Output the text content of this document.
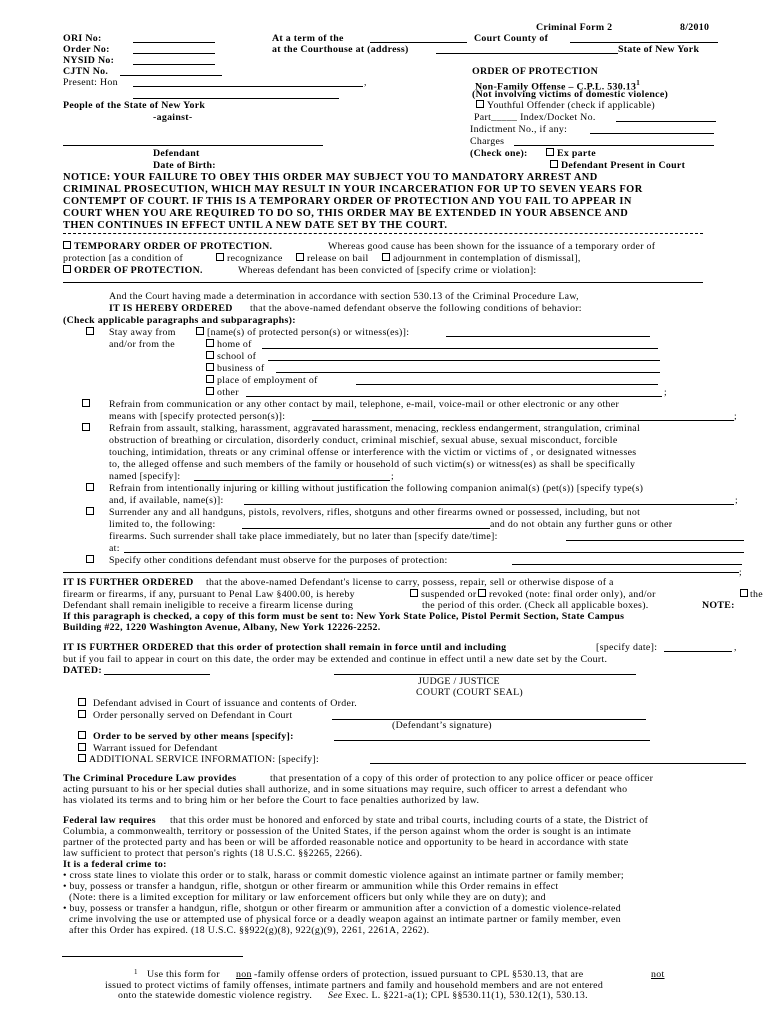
Criminal Form 2	8/2010
ORI No:	At a term of the	Court County of
Order No:	at the Courthouse at (address)	State of New York
NYSID No:
CJTN No.	ORDER OF PROTECTION
Present: Hon	,	Non-Family Offense – C.P.L. 530.13$^1$
(Not involving victims of domestic violence)
People of the State of New York	Youthful Offender (check if applicable)
-against-	Part_____ Index/Docket No.
Indictment No., if any:
Charges
Defendant	(Check one):	Ex parte
Date of Birth:	Defendant Present in Court
NOTICE: YOUR FAILURE TO OBEY THIS ORDER MAY SUBJECT YOU TO MANDATORY ARREST AND
CRIMINAL PROSECUTION, WHICH MAY RESULT IN YOUR INCARCERATION FOR UP TO SEVEN YEARS FOR
CONTEMPT OF COURT. IF THIS IS A TEMPORARY ORDER OF PROTECTION AND YOU FAIL TO APPEAR IN
COURT WHEN YOU ARE REQUIRED TO DO SO, THIS ORDER MAY BE EXTENDED IN YOUR ABSENCE AND
THEN CONTINUES IN EFFECT UNTIL A NEW DATE SET BY THE COURT.
TEMPORARY ORDER OF PROTECTION.	Whereas good cause has been shown for the issuance of a temporary order of
protection [as a condition of	recognizance release on bail adjournment in contemplation of dismissal],
ORDER OF PROTECTION.	Whereas defendant has been convicted of [specify crime or violation]:
And the Court having made a determination in accordance with section 530.13 of the Criminal Procedure Law,
IT IS HEREBY ORDERED that the above-named defendant observe the following conditions of behavior:
(Check applicable paragraphs and subparagraphs):
Stay away from	[name(s) of protected person(s) or witness(es)]:
and/or from the	home of
school of
business of
place of employment of
other	;
Refrain from communication or any other contact by mail, telephone, e-mail, voice-mail or other electronic or any other
means with [specify protected person(s)]:	;
Refrain from assault, stalking, harassment, aggravated harassment, menacing, reckless endangerment, strangulation, criminal
obstruction of breathing or circulation, disorderly conduct, criminal mischief, sexual abuse, sexual misconduct, forcible
touching, intimidation, threats or any criminal offense or interference with the victim or victims of , or designated witnesses
to, the alleged offense and such members of the family or household of such victim(s) or witness(es) as shall be specifically
named [specify]:	;
Refrain from intentionally injuring or killing without justification the following companion animal(s) (pet(s)) [specify type(s)
and, if available, name(s)]:	;
Surrender any and all handguns, pistols, revolvers, rifles, shotguns and other firearms owned or possessed, including, but not
limited to, the following:	and do not obtain any further guns or other
firearms. Such surrender shall take place immediately, but no later than [specify date/time]:
at:
Specify other conditions defendant must observe for the purposes of protection:
;
IT IS FURTHER ORDERED that the above-named Defendant's license to carry, possess, repair, sell or otherwise dispose of a
firearm or firearms, if any, pursuant to Penal Law §400.00, is hereby	suspended or revoked (note: final order only), and/or	the
Defendant shall remain ineligible to receive a firearm license during	the period of this order. (Check all applicable boxes).	NOTE:
If this paragraph is checked, a copy of this form must be sent to: New York State Police, Pistol Permit Section, State Campus
Building #22, 1220 Washington Avenue, Albany, New York 12226-2252.
IT IS FURTHER ORDERED that this order of protection shall remain in force until and including	[specify date]:	,
but if you fail to appear in court on this date, the order may be extended and continue in effect until a new date set by the Court.
DATED:
JUDGE / JUSTICE
COURT (COURT SEAL)
Defendant advised in Court of issuance and contents of Order.
Order personally served on Defendant in Court
(Defendant’s signature)
Order to be served by other means [specify]:
Warrant issued for Defendant
ADDITIONAL SERVICE INFORMATION: [specify]:
The Criminal Procedure Law provides	that presentation of a copy of this order of protection to any police officer or peace officer
acting pursuant to his or her special duties shall authorize, and in some situations may require, such officer to arrest a defendant who
has violated its terms and to bring him or her before the Court to face penalties authorized by law.
Federal law requires that this order must be honored and enforced by state and tribal courts, including courts of a state, the District of
Columbia, a commonwealth, territory or possession of the United States, if the person against whom the order is sought is an intimate
partner of the protected party and has been or will be afforded reasonable notice and opportunity to be heard in accordance with state
law sufficient to protect that person's rights (18 U.S.C. §§2265, 2266).
It is a federal crime to:
• cross state lines to violate this order or to stalk, harass or commit domestic violence against an intimate partner or family member;
• buy, possess or transfer a handgun, rifle, shotgun or other firearm or ammunition while this Order remains in effect
(Note: there is a limited exception for military or law enforcement officers but only while they are on duty); and
• buy, possess or transfer a handgun, rifle, shotgun or other firearm or ammunition after a conviction of a domestic violence-related
crime involving the use or attempted use of physical force or a deadly weapon against an intimate partner or family member, even
after this Order has expired. (18 U.S.C. §§922(g)(8), 922(g)(9), 2261, 2261A, 2262).
1 Use this form for non -family offense orders of protection, issued pursuant to CPL §530.13, that are	not
issued to protect victims of family offenses, intimate partners and family and household members and are not entered
onto the statewide domestic violence registry. See Exec. L. §221-a(1); CPL §§530.11(1), 530.12(1), 530.13.
